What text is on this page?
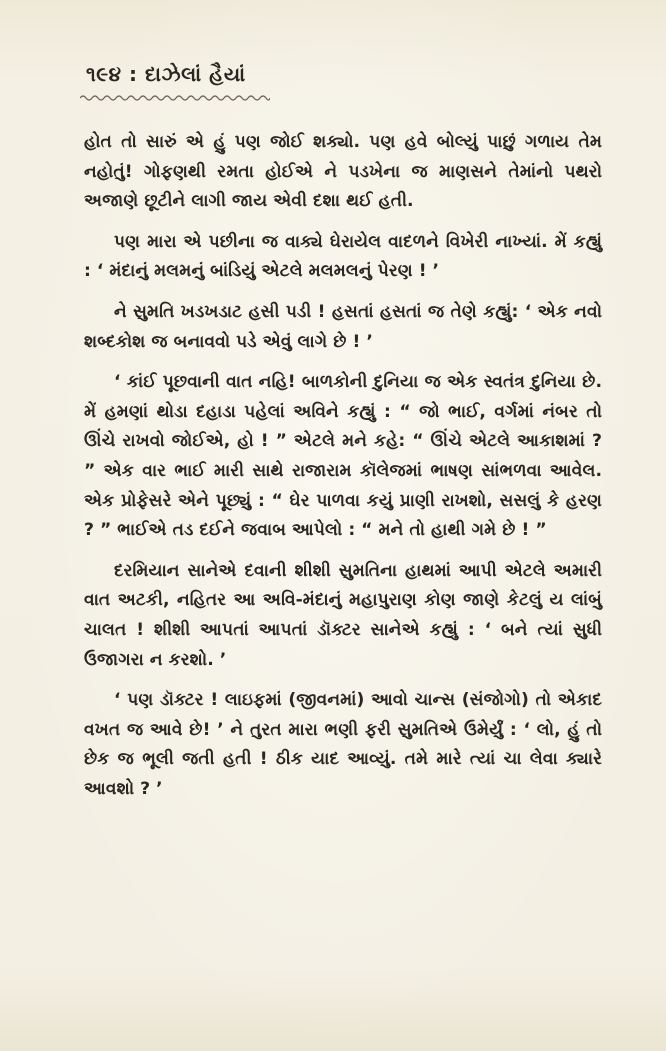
૧૯૪ : દાઝેલાં હૈયાં

હોત તો સારું એ હું પણ જોઈ શક્યો. પણ હવે બોલ્યું પાછું ગળાય તેમ નહોતું! ગોફણથી રમતા હોઈએ ને પડખેના જ માણસને તેમાંનો પથરો અજાણે છૂટીને લાગી જાય એવી દશા થઈ હતી.

પણ મારા એ પછીના જ વાક્યે ઘેરાયેલ વાદળને વિખેરી નાખ્યાં. મેં કહ્યું : ‘ મંદાનું મલમનું બાંડિયું એટલે મલમલનું પેરણ ! ’

ને સુમતિ ખડખડાટ હસી પડી ! હસતાં હસતાં જ તેણે કહ્યું: ‘ એક નવો શબ્દકોશ જ બનાવવો પડે એવું લાગે છે ! ’

‘ કાંઈ પૂછવાની વાત નહિ! બાળકોની દુનિયા જ એક સ્વતંત્ર દુનિયા છે. મેં હમણાં થોડા દહાડા પહેલાં અવિને કહ્યું : “ જો ભાઈ, વર્ગમાં નંબર તો ઊંચે રાખવો જોઈએ, હો ! ” એટલે મને કહે: “ ઊંચે એટલે આકાશમાં ? ” એક વાર ભાઈ મારી સાથે રાજારામ કૉલેજમાં ભાષણ સાંભળવા આવેલ. એક પ્રોફેસરે એને પૂછ્યું : “ ઘેર પાળવા કયું પ્રાણી રાખશો, સસલું કે હરણ ? ” ભાઈએ તડ દઈને જવાબ આપેલો : “ મને તો હાથી ગમે છે ! ”

દરમિયાન સાનેએ દવાની શીશી સુમતિના હાથમાં આપી એટલે અમારી વાત અટકી, નહિતર આ અવિ-મંદાનું મહાપુરાણ કોણ જાણે કેટલું ય લાંબું ચાલત ! શીશી આપતાં આપતાં ડૉક્ટર સાનેએ કહ્યું : ‘ બને ત્યાં સુધી ઉજાગરા ન કરશો. ’

‘ પણ ડૉક્ટર ! લાઇફમાં (જીવનમાં) આવો ચાન્સ (સંજોગો) તો એકાદ વખત જ આવે છે! ’ ને તુરત મારા ભણી ફરી સુમતિએ ઉમેર્યું : ‘ લો, હું તો છેક જ ભૂલી જતી હતી ! ઠીક યાદ આવ્યું. તમે મારે ત્યાં ચા લેવા ક્યારે આવશો ? ’
